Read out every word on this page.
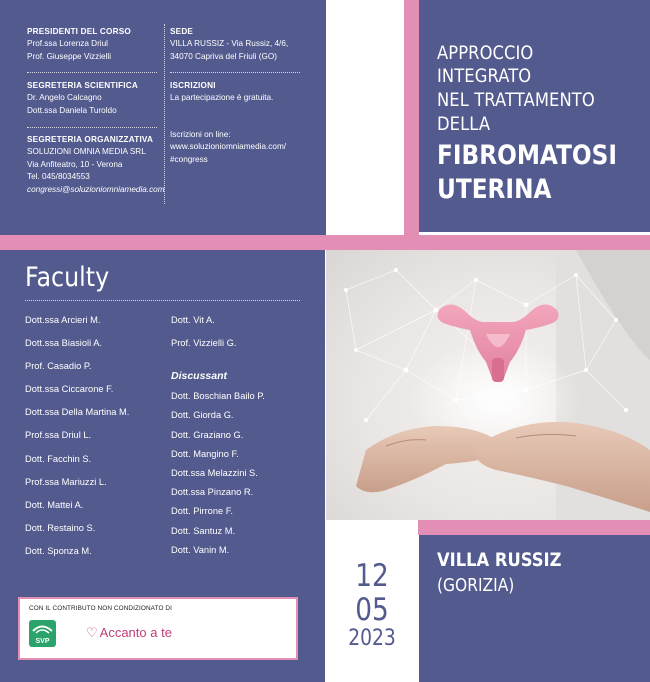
PRESIDENTI DEL CORSO
Prof.ssa Lorenza Driul
Prof. Giuseppe Vizzielli
SEGRETERIA SCIENTIFICA
Dr. Angelo Calcagno
Dott.ssa Daniela Turoldo
SEGRETERIA ORGANIZZATIVA
SOLUZIONI OMNIA MEDIA SRL
Via Anfiteatro, 10 - Verona
Tel. 045/8034553
congressi@soluzioniomniamedia.com
SEDE
VILLA RUSSIZ - Via Russiz, 4/6,
34070 Capriva del Friuli (GO)
ISCRIZIONI
La partecipazione è gratuita.
Iscrizioni on line:
www.soluzioniomniamedia.com/
#congress
APPROCCIO
INTEGRATO
NEL TRATTAMENTO
DELLA
FIBROMATOSI
UTERINA
Faculty
Dott.ssa Arcieri M.
Dott.ssa Biasioli A.
Prof. Casadio P.
Dott.ssa Ciccarone F.
Dott.ssa Della Martina M.
Prof.ssa Driul L.
Dott. Facchin S.
Prof.ssa Mariuzzi L.
Dott. Mattei A.
Dott. Restaino S.
Dott. Sponza M.
Dott. Vit A.
Prof. Vizzielli G.
Discussant
Dott. Boschian Bailo P.
Dott. Giorda G.
Dott. Graziano G.
Dott. Mangino F.
Dott.ssa Melazzini S.
Dott.ssa Pinzano R.
Dott. Pirrone F.
Dott. Santuz M.
Dott. Vanin M.
CON IL CONTRIBUTO NON CONDIZIONATO DI
SVP
♡ Accanto a te
12
05
2023
VILLA RUSSIZ
(GORIZIA)
